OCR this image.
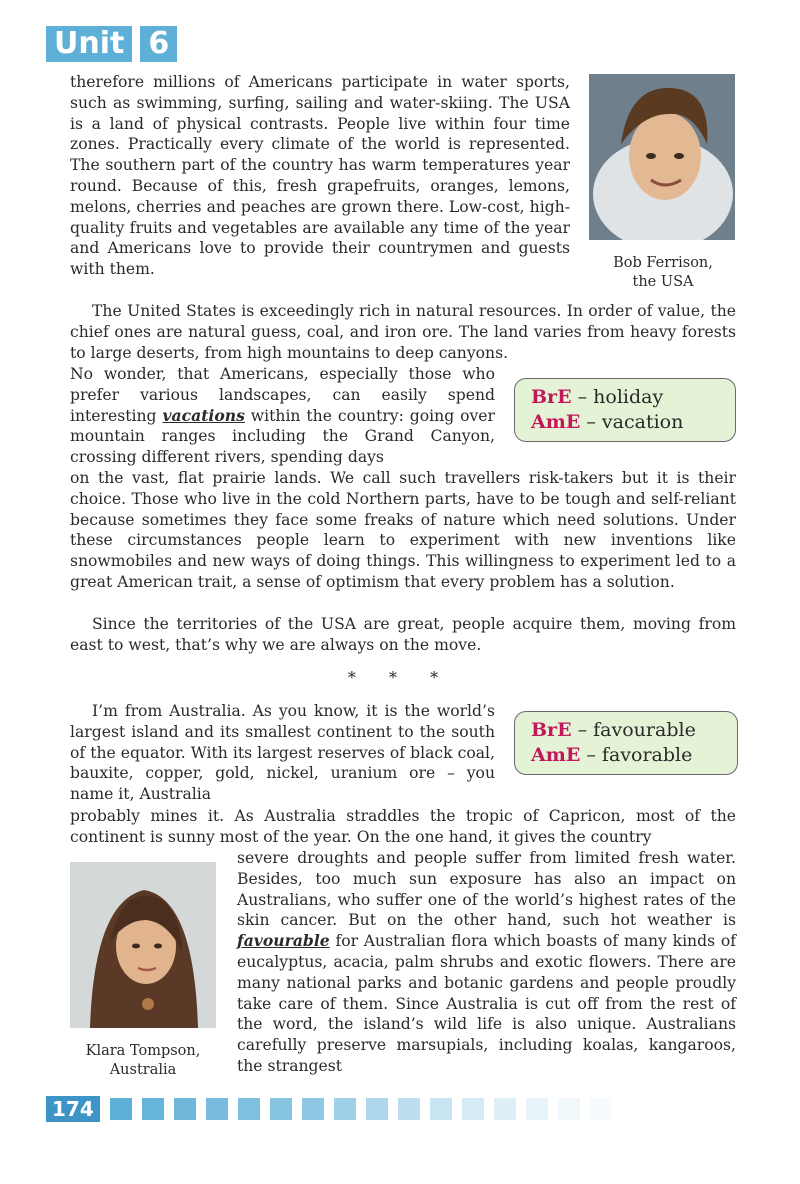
Unit 6

therefore millions of Americans participate in water sports, such as swimming, surfing, sailing and water-skiing. The USA is a land of physical contrasts. People live within four time zones. Practically every climate of the world is represented. The southern part of the country has warm temperatures year round. Because of this, fresh grapefruits, oranges, lemons, melons, cherries and peaches are grown there. Low-cost, high-quality fruits and vegetables are available any time of the year and Americans love to provide their countrymen and guests with them.	Bob Ferrison,
the USA

The United States is exceedingly rich in natural resources. In order of value, the chief ones are natural guess, coal, and iron ore. The land varies from heavy forests to large deserts, from high mountains to deep canyons.

No wonder, that Americans, especially those who prefer various landscapes, can easily spend interesting vacations within the country: going over mountain ranges including the Grand Canyon, crossing different rivers, spending days

BrE – holiday
AmE – vacation

on the vast, flat prairie lands. We call such travellers risk-takers but it is their choice. Those who live in the cold Northern parts, have to be tough and self-reliant because sometimes they face some freaks of nature which need solutions. Under these circumstances people learn to experiment with new inventions like snowmobiles and new ways of doing things. This willingness to experiment led to a great American trait, a sense of optimism that every problem has a solution.

Since the territories of the USA are great, people acquire them, moving from east to west, that’s why we are always on the move.

* * *

I’m from Australia. As you know, it is the world’s largest island and its smallest continent to the south of the equator. With its largest reserves of black coal, bauxite, copper, gold, nickel, uranium ore – you name it, Australia

BrE – favourable
AmE – favorable

probably mines it. As Australia straddles the tropic of Capricon, most of the continent is sunny most of the year. On the one hand, it gives the country

Klara Tompson,
Australia

severe droughts and people suffer from limited fresh water. Besides, too much sun exposure has also an impact on Australians, who suffer one of the world’s highest rates of the skin cancer. But on the other hand, such hot weather is favourable for Australian flora which boasts of many kinds of eucalyptus, acacia, palm shrubs and exotic flowers. There are many national parks and botanic gardens and people proudly take care of them. Since Australia is cut off from the rest of the word, the island’s wild life is also unique. Australians carefully preserve marsupials, including koalas, kangaroos, the strangest

174
